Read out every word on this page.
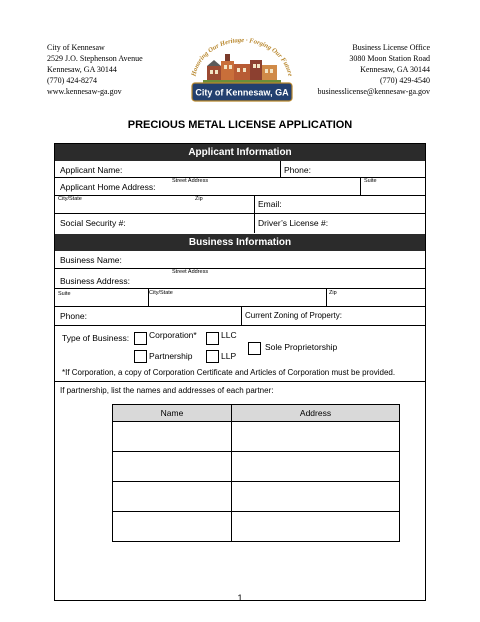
City of Kennesaw
2529 J.O. Stephenson Avenue
Kennesaw, GA 30144
(770) 424-8274
www.kennesaw-ga.gov
Business License Office
3080 Moon Station Road
Kennesaw, GA 30144
(770) 429-4540
businesslicense@kennesaw-ga.gov
Honoring Our Heritage · Forging Our Future
City of Kennesaw, GA
PRECIOUS METAL LICENSE APPLICATION
Applicant Information
Applicant Name:	Phone:
Street Address	Suite
Applicant Home Address:
City/State	Zip	Email:
Social Security #:	Driver’s License #:
Business Information
Business Name:
Street Address
Business Address:
Suite	City/State	Zip
Phone:	Current Zoning of Property:
Type of Business: Corporation*	LLC
Partnership	LLP
Sole Proprietorship
*If Corporation, a copy of Corporation Certificate and Articles of Corporation must be provided.
If partnership, list the names and addresses of each partner:
Name	Address
1
